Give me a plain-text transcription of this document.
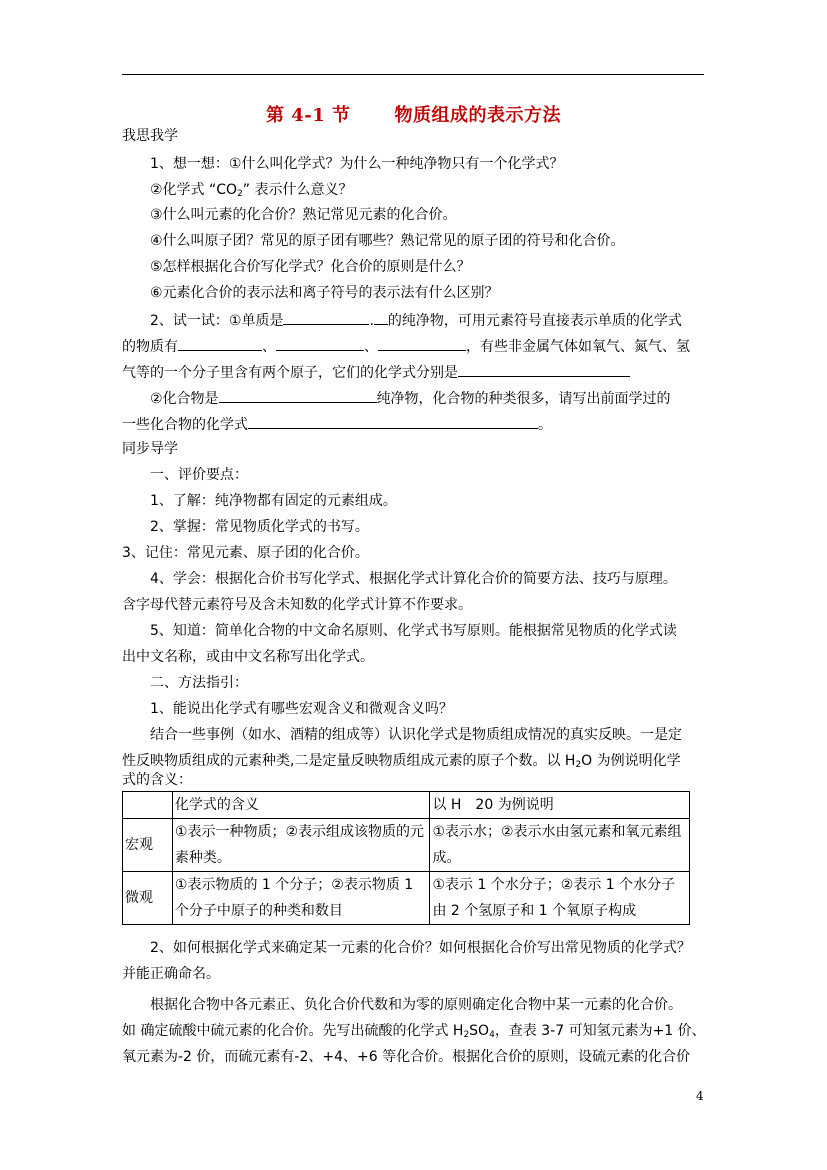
第 4-1 节 物质组成的表示方法
我思我学
1、想一想：①什么叫化学式？为什么一种纯净物只有一个化学式？
②化学式 “$CO_2$” 表示什么意义？
③什么叫元素的化合价？熟记常见元素的化合价。
④什么叫原子团？常见的原子团有哪些？熟记常见的原子团的符号和化合价。
⑤怎样根据化合价写化学式？化合价的原则是什么？
⑥元素化合价的表示法和离子符号的表示法有什么区别？
2、试一试：①单质是	. 的纯净物，可用元素符号直接表示单质的化学式
的物质有	、	、	，有些非金属气体如氧气、氮气、氢
气等的一个分子里含有两个原子，它们的化学式分别是
②化合物是	纯净物，化合物的种类很多，请写出前面学过的
一些化合物的化学式	。
同步导学
一、评价要点：
1、了解：纯净物都有固定的元素组成。
2、掌握：常见物质化学式的书写。
3、记住：常见元素、原子团的化合价。
4、学会：根据化合价书写化学式、根据化学式计算化合价的简要方法、技巧与原理。
含字母代替元素符号及含未知数的化学式计算不作要求。
5、知道：简单化合物的中文命名原则、化学式书写原则。能根据常见物质的化学式读
出中文名称，或由中文名称写出化学式。
二、方法指引：
1、能说出化学式有哪些宏观含义和微观含义吗？
结合一些事例（如水、酒精的组成等）认识化学式是物质组成情况的真实反映。一是定
性反映物质组成的元素种类,二是定量反映物质组成元素的原子个数。以 $H_2O$ 为例说明化学
式的含义：
	化学式的含义	以 H　20 为例说明
宏观	①表示一种物质；②表示组成该物质的元素种类。	①表示水；②表示水由氢元素和氧元素组成。
微观	①表示物质的 1 个分子；②表示物质 1 个分子中原子的种类和数目	①表示 1 个水分子；②表示 1 个水分子由 2 个氢原子和 1 个氧原子构成
2、如何根据化学式来确定某一元素的化合价？如何根据化合价写出常见物质的化学式？
并能正确命名。
根据化合物中各元素正、负化合价代数和为零的原则确定化合物中某一元素的化合价。
如 确定硫酸中硫元素的化合价。先写出硫酸的化学式 $H_2SO_4$，查表 3-7 可知氢元素为+1 价、
氧元素为-2 价，而硫元素有-2、+4、+6 等化合价。根据化合价的原则，设硫元素的化合价
4
